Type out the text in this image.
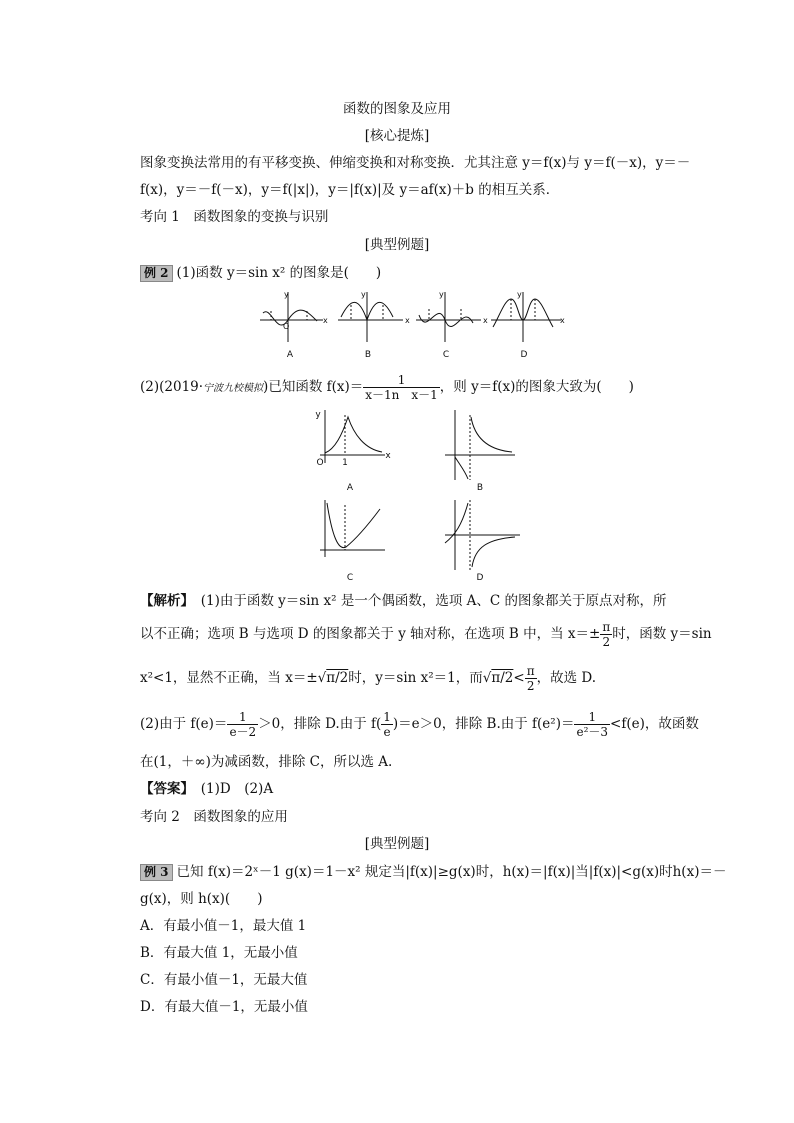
函数的图象及应用
[核心提炼]
图象变换法常用的有平移变换、伸缩变换和对称变换．尤其注意 y＝f(x)与 y＝f(－x)，y＝－
f(x)，y＝－f(－x)，y＝f(|x|)，y＝|f(x)|及 y＝af(x)＋b 的相互关系．
考向 1　函数图象的变换与识别
[典型例题]
例 2 (1)函数 y＝sin x² 的图象是(　　)
y
x
O
y
x
y
x
y
x
A	B	C	D
(2)(2019·宁波九校模拟)已知函数 $f(x)= \frac{1}{\text{x－1n　x－1}}$ ，则 y＝f(x)的图象大致为(　　)
y
O 1
x
A	B
C	D
【解析】　 (1)由于函数 y＝sin x² 是一个偶函数，选项 A、C 的图象都关于原点对称，所
以不正确；选项 B 与选项 D 的图象都关于 y 轴对称，在选项 B 中，当 $x=\pm \frac{\pi}{2}$ 时，函数 y＝sin
x²<1，显然不正确，当 x＝±√π/2时，y＝sin x²＝1，而$√\pi/2< \frac{\pi}{2}$ ，故选 D.
(2)由于 $f(e)= \frac{1}{e-2} >0$，排除 D.由于 $f( \frac{1}{e} )=e>0$，排除 B.由于 $f(e^2)= \frac{1}{\text{e²－3}} <f(e)$，故函数
在(1，＋∞)为减函数，排除 C，所以选 A.
【答案】　 (1)D　(2)A
考向 2　函数图象的应用
[典型例题]
例 3 已知 f(x)＝2ˣ－1 g(x)＝1－x² 规定当|f(x)|≥g(x)时，h(x)＝|f(x)|当|f(x)|<g(x)时h(x)＝－
g(x)，则 h(x)(　　)
A．有最小值－1，最大值 1
B．有最大值 1，无最小值
C．有最小值－1，无最大值
D．有最大值－1，无最小值
